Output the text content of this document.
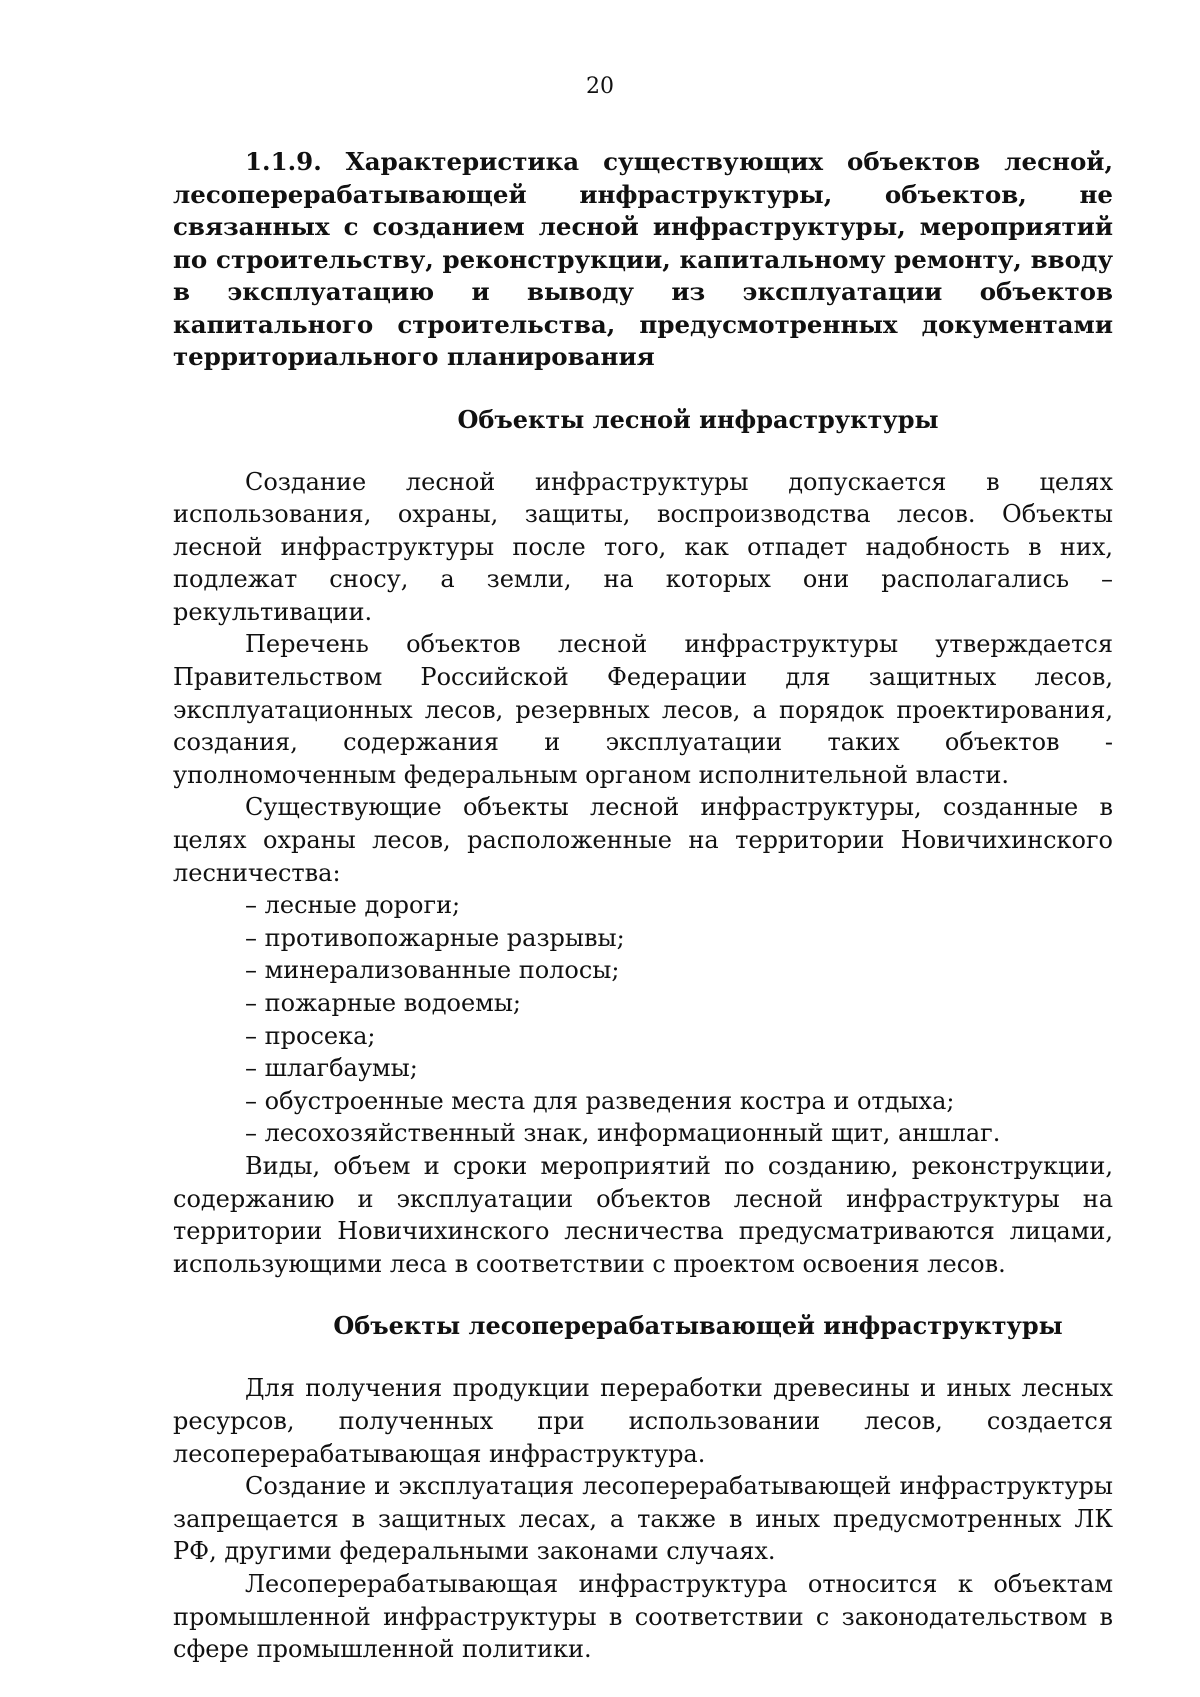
20

1.1.9. Характеристика существующих объектов лесной, лесоперерабатывающей инфраструктуры, объектов, не связанных с созданием лесной инфраструктуры, мероприятий по строительству, реконструкции, капитальному ремонту, вводу в эксплуатацию и выводу из эксплуатации объектов капитального строительства, предусмотренных документами территориального планирования

Объекты лесной инфраструктуры

Создание лесной инфраструктуры допускается в целях использования, охраны, защиты, воспроизводства лесов. Объекты лесной инфраструктуры после того, как отпадет надобность в них, подлежат сносу, а земли, на которых они располагались – рекультивации.

Перечень объектов лесной инфраструктуры утверждается Правительством Российской Федерации для защитных лесов, эксплуатационных лесов, резервных лесов, а порядок проектирования, создания, содержания и эксплуатации таких объектов - уполномоченным федеральным органом исполнительной власти.

Существующие объекты лесной инфраструктуры, созданные в целях охраны лесов, расположенные на территории Новичихинского лесничества:

– лесные дороги;
– противопожарные разрывы;
– минерализованные полосы;
– пожарные водоемы;
– просека;
– шлагбаумы;
– обустроенные места для разведения костра и отдыха;
– лесохозяйственный знак, информационный щит, аншлаг.

Виды, объем и сроки мероприятий по созданию, реконструкции, содержанию и эксплуатации объектов лесной инфраструктуры на территории Новичихинского лесничества предусматриваются лицами, использующими леса в соответствии с проектом освоения лесов.

Объекты лесоперерабатывающей инфраструктуры

Для получения продукции переработки древесины и иных лесных ресурсов, полученных при использовании лесов, создается лесоперерабатывающая инфраструктура.

Создание и эксплуатация лесоперерабатывающей инфраструктуры запрещается в защитных лесах, а также в иных предусмотренных ЛК РФ, другими федеральными законами случаях.

Лесоперерабатывающая инфраструктура относится к объектам промышленной инфраструктуры в соответствии с законодательством в сфере промышленной политики.
